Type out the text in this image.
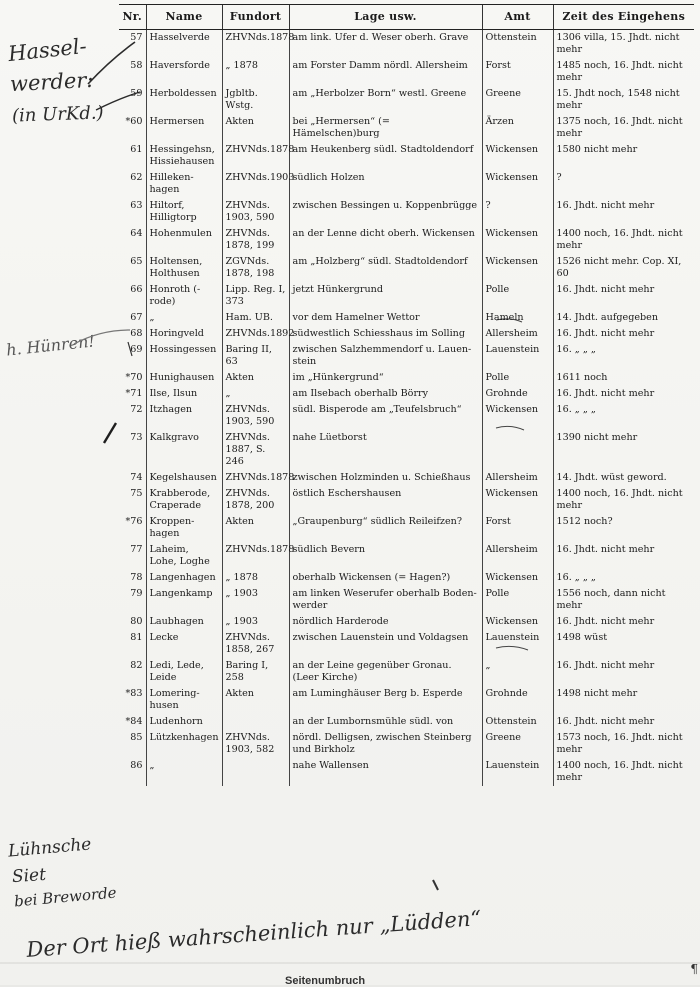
Hassel-
werder:
(in UrKd.)
h. Hünren!
Lühnsche
Siet
bei Breworde
Der Ort hieß wahrscheinlich nur „Lüdden“
Nr.	Name	Fundort	Lage usw.	Amt	Zeit des Eingehens
57	Hasselverde	ZHVNds.1878	am link. Ufer d. Weser oberh. Grave	Ottenstein	1306 villa, 15. Jhdt. nicht mehr
58	Haversforde	„ 1878	am Forster Damm nördl. Allersheim	Forst	1485 noch, 16. Jhdt. nicht mehr
59	Herboldessen	Jgbltb. Wstg.	am „Herbolzer Born“ westl. Greene	Greene	15. Jhdt noch, 1548 nicht mehr
*60	Hermersen	Akten	bei „Hermersen“ (= Hämelschen)burg	Ärzen	1375 noch, 16. Jhdt. nicht mehr
61	Hessingehsn, Hissiehausen	ZHVNds.1878	am Heukenberg südl. Stadtoldendorf	Wickensen	1580 nicht mehr
62	Hilleken- hagen	ZHVNds.1903	südlich Holzen	Wickensen	?
63	Hiltorf, Hilligtorp	ZHVNds. 1903, 590	zwischen Bessingen u. Koppenbrügge	?	16. Jhdt. nicht mehr
64	Hohenmulen	ZHVNds. 1878, 199	an der Lenne dicht oberh. Wickensen	Wickensen	1400 noch, 16. Jhdt. nicht mehr
65	Holtensen, Holthusen	ZGVNds. 1878, 198	am „Holzberg“ südl. Stadtoldendorf	Wickensen	1526 nicht mehr. Cop. XI, 60
66	Honroth (-rode)	Lipp. Reg. I, 373	jetzt Hünkergrund	Polle	16. Jhdt. nicht mehr
67	„	Ham. UB.	vor dem Hamelner Wettor	Hameln	14. Jhdt. aufgegeben
68	Horingveld	ZHVNds.1892	südwestlich Schiesshaus im Solling	Allersheim	16. Jhdt. nicht mehr
69	Hossingessen	Baring II, 63	zwischen Salzhemmendorf u. Lauen- stein	Lauenstein	16. „ „ „
*70	Hunighausen	Akten	im „Hünkergrund“	Polle	1611 noch
*71	Ilse, Ilsun	„	am Ilsebach oberhalb Börry	Grohnde	16. Jhdt. nicht mehr
72	Itzhagen	ZHVNds. 1903, 590	südl. Bisperode am „Teufelsbruch“	Wickensen	16. „ „ „
73	Kalkgravo	ZHVNds. 1887, S. 246	nahe Lüetborst		1390 nicht mehr
74	Kegelshausen	ZHVNds.1878	zwischen Holzminden u. Schießhaus	Allersheim	14. Jhdt. wüst geword.
75	Krabberode, Craperade	ZHVNds. 1878, 200	östlich Eschershausen	Wickensen	1400 noch, 16. Jhdt. nicht mehr
*76	Kroppen- hagen	Akten	„Graupenburg“ südlich Reileifzen?	Forst	1512 noch?
77	Laheim, Lohe, Loghe	ZHVNds.1878	südlich Bevern	Allersheim	16. Jhdt. nicht mehr
78	Langenhagen	„ 1878	oberhalb Wickensen (= Hagen?)	Wickensen	16. „ „ „
79	Langenkamp	„ 1903	am linken Weserufer oberhalb Boden- werder	Polle	1556 noch, dann nicht mehr
80	Laubhagen	„ 1903	nördlich Harderode	Wickensen	16. Jhdt. nicht mehr
81	Lecke	ZHVNds. 1858, 267	zwischen Lauenstein und Voldagsen	Lauenstein	1498 wüst
82	Ledi, Lede, Leide	Baring I, 258	an der Leine gegenüber Gronau. (Leer Kirche)	„	16. Jhdt. nicht mehr
*83	Lomering- husen	Akten	am Luminghäuser Berg b. Esperde	Grohnde	1498 nicht mehr
*84	Ludenhorn		an der Lumbornsmühle südl. von	Ottenstein	16. Jhdt. nicht mehr
85	Lützkenhagen	ZHVNds. 1903, 582	nördl. Delligsen, zwischen Steinberg und Birkholz	Greene	1573 noch, 16. Jhdt. nicht mehr
86	„		nahe Wallensen	Lauenstein	1400 noch, 16. Jhdt. nicht mehr
Seitenumbruch
¶
